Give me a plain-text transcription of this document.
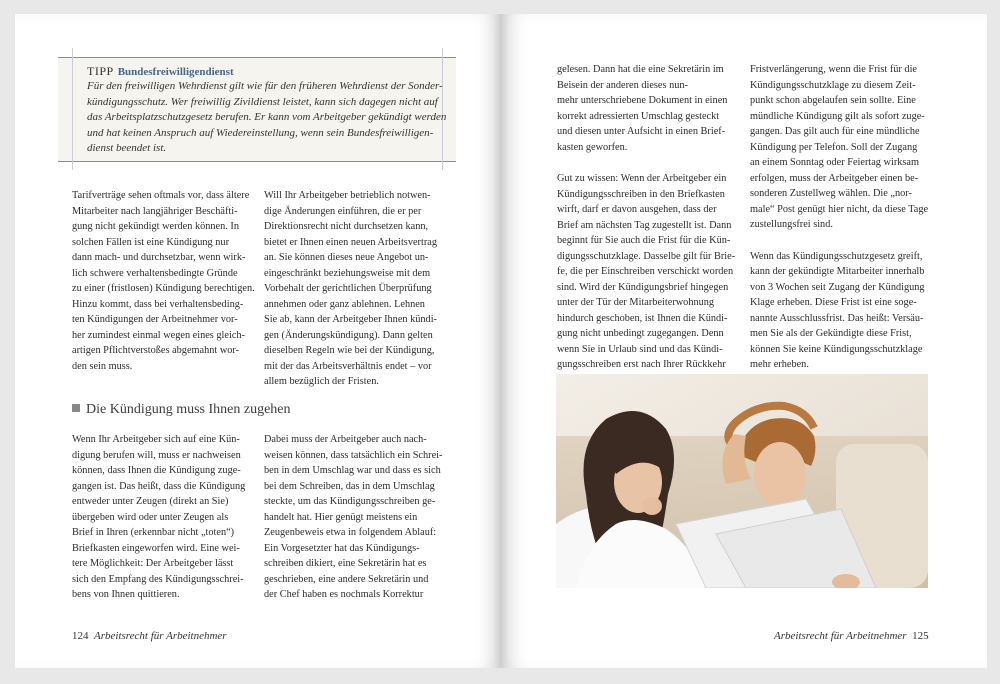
TIPP Bundesfreiwilligendienst
Für den freiwilligen Wehrdienst gilt wie für den früheren Wehrdienst der Sonder-
kündigungsschutz. Wer freiwillig Zivildienst leistet, kann sich dagegen nicht auf
das Arbeitsplatzschutzgesetz berufen. Er kann vom Arbeitgeber gekündigt werden
und hat keinen Anspruch auf Wiedereinstellung, wenn sein Bundesfreiwilligen-
dienst beendet ist.

Tarifverträge sehen oftmals vor, dass ältere
Mitarbeiter nach langjähriger Beschäfti-
gung nicht gekündigt werden können. In
solchen Fällen ist eine Kündigung nur
dann mach- und durchsetzbar, wenn wirk-
lich schwere verhaltensbedingte Gründe
zu einer (fristlosen) Kündigung berechtigen.
Hinzu kommt, dass bei verhaltensbeding-
ten Kündigungen der Arbeitnehmer vor-
her zumindest einmal wegen eines gleich-
artigen Pflichtverstoßes abgemahnt wor-
den sein muss.

Will Ihr Arbeitgeber betrieblich notwen-
dige Änderungen einführen, die er per
Direktionsrecht nicht durchsetzen kann,
bietet er Ihnen einen neuen Arbeitsvertrag
an. Sie können dieses neue Angebot un-
eingeschränkt beziehungsweise mit dem
Vorbehalt der gerichtlichen Überprüfung
annehmen oder ganz ablehnen. Lehnen
Sie ab, kann der Arbeitgeber Ihnen kündi-
gen (Änderungskündigung). Dann gelten
dieselben Regeln wie bei der Kündigung,
mit der das Arbeitsverhältnis endet – vor
allem bezüglich der Fristen.

Die Kündigung muss Ihnen zugehen

Wenn Ihr Arbeitgeber sich auf eine Kün-
digung berufen will, muss er nachweisen
können, dass Ihnen die Kündigung zuge-
gangen ist. Das heißt, dass die Kündigung
entweder unter Zeugen (direkt an Sie)
übergeben wird oder unter Zeugen als
Brief in Ihren (erkennbar nicht „toten“)
Briefkasten eingeworfen wird. Eine wei-
tere Möglichkeit: Der Arbeitgeber lässt
sich den Empfang des Kündigungsschrei-
bens von Ihnen quittieren.

Dabei muss der Arbeitgeber auch nach-
weisen können, dass tatsächlich ein Schrei-
ben in dem Umschlag war und dass es sich
bei dem Schreiben, das in dem Umschlag
steckte, um das Kündigungsschreiben ge-
handelt hat. Hier genügt meistens ein
Zeugenbeweis etwa in folgendem Ablauf:
Ein Vorgesetzter hat das Kündigungs-
schreiben dikiert, eine Sekretärin hat es
geschrieben, eine andere Sekretärin und
der Chef haben es nochmals Korrektur

gelesen. Dann hat die eine Sekretärin im
Beisein der anderen dieses nun-
mehr unterschriebene Dokument in einen
korrekt adressierten Umschlag gesteckt
und diesen unter Aufsicht in einen Brief-
kasten geworfen.

Gut zu wissen: Wenn der Arbeitgeber ein
Kündigungsschreiben in den Briefkasten
wirft, darf er davon ausgehen, dass der
Brief am nächsten Tag zugestellt ist. Dann
beginnt für Sie auch die Frist für die Kün-
digungsschutzklage. Dasselbe gilt für Brie-
fe, die per Einschreiben verschickt worden
sind. Wird der Kündigungsbrief hingegen
unter der Tür der Mitarbeiterwohnung
hindurch geschoben, ist Ihnen die Kündi-
gung nicht unbedingt zugegangen. Denn
wenn Sie in Urlaub sind und das Kündi-
gungsschreiben erst nach Ihrer Rückkehr

Fristverlängerung, wenn die Frist für die
Kündigungsschutzklage zu diesem Zeit-
punkt schon abgelaufen sein sollte. Eine
mündliche Kündigung gilt als sofort zuge-
gangen. Das gilt auch für eine mündliche
Kündigung per Telefon. Soll der Zugang
an einem Sonntag oder Feiertag wirksam
erfolgen, muss der Arbeitgeber einen be-
sonderen Zustellweg wählen. Die „nor-
male“ Post genügt hier nicht, da diese Tage
zustellungsfrei sind.

Wenn das Kündigungsschutzgesetz greift,
kann der gekündigte Mitarbeiter innerhalb
von 3 Wochen seit Zugang der Kündigung
Klage erheben. Diese Frist ist eine soge-
nannte Ausschlussfrist. Das heißt: Versäu-
men Sie als der Gekündigte diese Frist,
können Sie keine Kündigungsschutzklage
mehr erheben.

124 Arbeitsrecht für Arbeitnehmer	Arbeitsrecht für Arbeitnehmer 125
